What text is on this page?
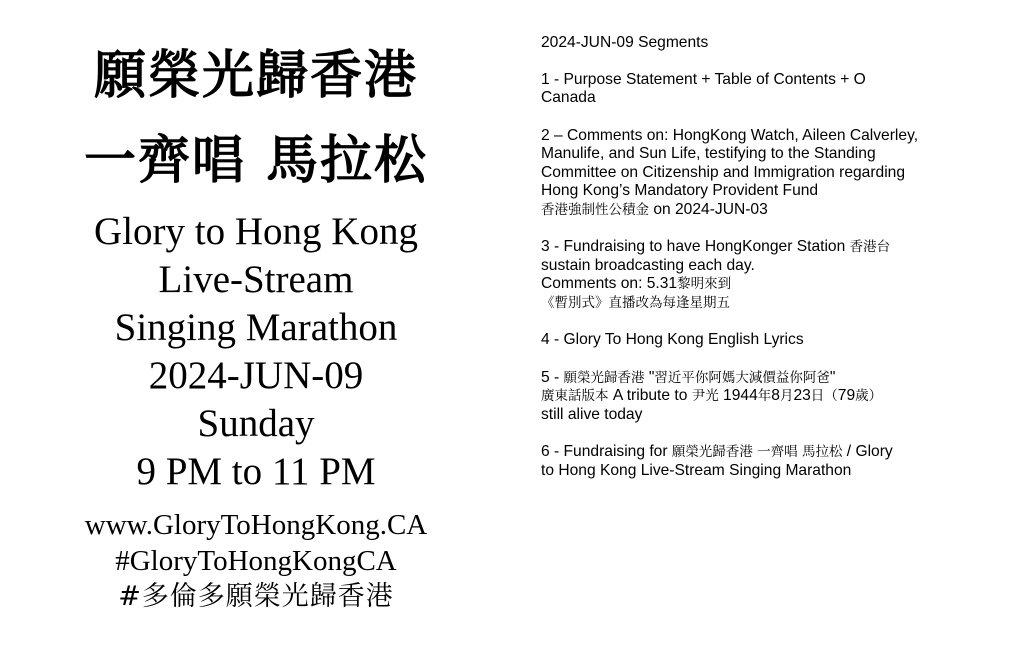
願榮光歸香港
一齊唱 馬拉松
Glory to Hong Kong
Live-Stream
Singing Marathon
2024-JUN-09
Sunday
9 PM to 11 PM
www.GloryToHongKong.CA
#GloryToHongKongCA
#多倫多願榮光歸香港
2024-JUN-09 Segments
1 - Purpose Statement + Table of Contents + O
Canada
2 – Comments on: HongKong Watch, Aileen Calverley,
Manulife, and Sun Life, testifying to the Standing
Committee on Citizenship and Immigration regarding
Hong Kong’s Mandatory Provident Fund
香港強制性公積金 on 2024-JUN-03
3 - Fundraising to have HongKonger Station 香港台
sustain broadcasting each day.
Comments on: 5.31黎明來到
《暫別式》直播改為每逢星期五
4 - Glory To Hong Kong English Lyrics
5 - 願榮光歸香港 "習近平你阿媽大減價益你阿爸"
廣東話版本 A tribute to 尹光 1944年8月23日（79歲）
still alive today
6 - Fundraising for 願榮光歸香港 一齊唱 馬拉松 / Glory
to Hong Kong Live-Stream Singing Marathon
